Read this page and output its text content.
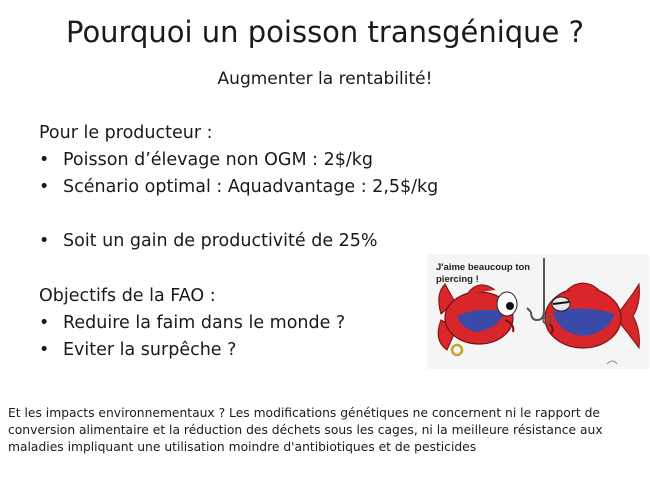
Pourquoi un poisson transgénique ?
Augmenter la rentabilité!
Pour le producteur :
• Poisson d’élevage non OGM : 2$/kg
• Scénario optimal : Aquadvantage : 2,5$/kg
• Soit un gain de productivité de 25%
Objectifs de la FAO :
• Reduire la faim dans le monde ?
• Eviter la surpêche ?
J'aime beaucoup ton
piercing !
Et les impacts environnementaux ? Les modifications génétiques ne concernent ni le rapport de conversion alimentaire et la réduction des déchets sous les cages, ni la meilleure résistance aux maladies impliquant une utilisation moindre d'antibiotiques et de pesticides
